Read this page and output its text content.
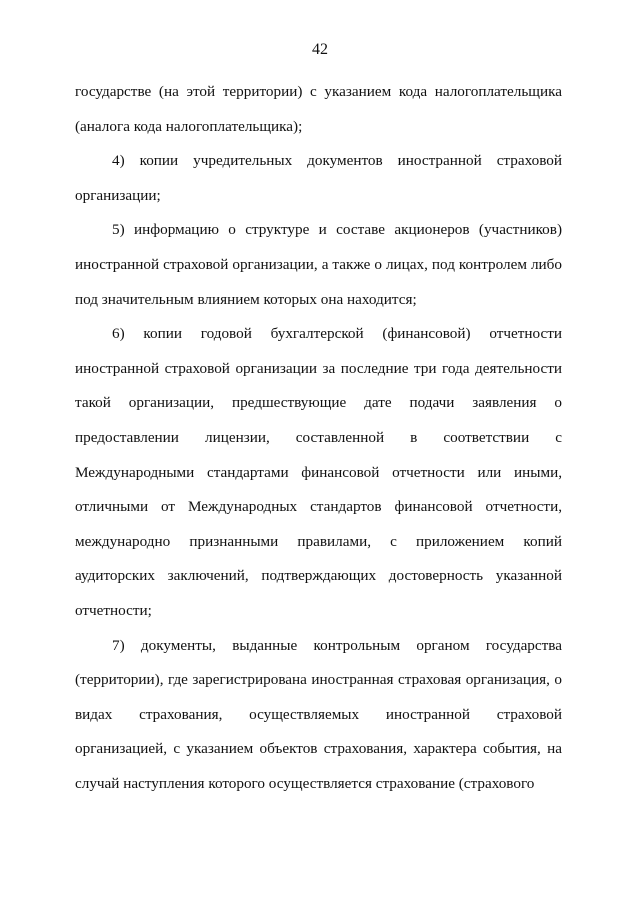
42

государстве (на этой территории) с указанием кода налогоплательщика (аналога кода налогоплательщика);

4) копии учредительных документов иностранной страховой организации;

5) информацию о структуре и составе акционеров (участников) иностранной страховой организации, а также о лицах, под контролем либо под значительным влиянием которых она находится;

6) копии годовой бухгалтерской (финансовой) отчетности иностранной страховой организации за последние три года деятельности такой организации, предшествующие дате подачи заявления о предоставлении лицензии, составленной в соответствии с Международными стандартами финансовой отчетности или иными, отличными от Международных стандартов финансовой отчетности, международно признанными правилами, с приложением копий аудиторских заключений, подтверждающих достоверность указанной отчетности;

7) документы, выданные контрольным органом государства (территории), где зарегистрирована иностранная страховая организация, о видах страхования, осуществляемых иностранной страховой организацией, с указанием объектов страхования, характера события, на случай наступления которого осуществляется страхование (страхового
